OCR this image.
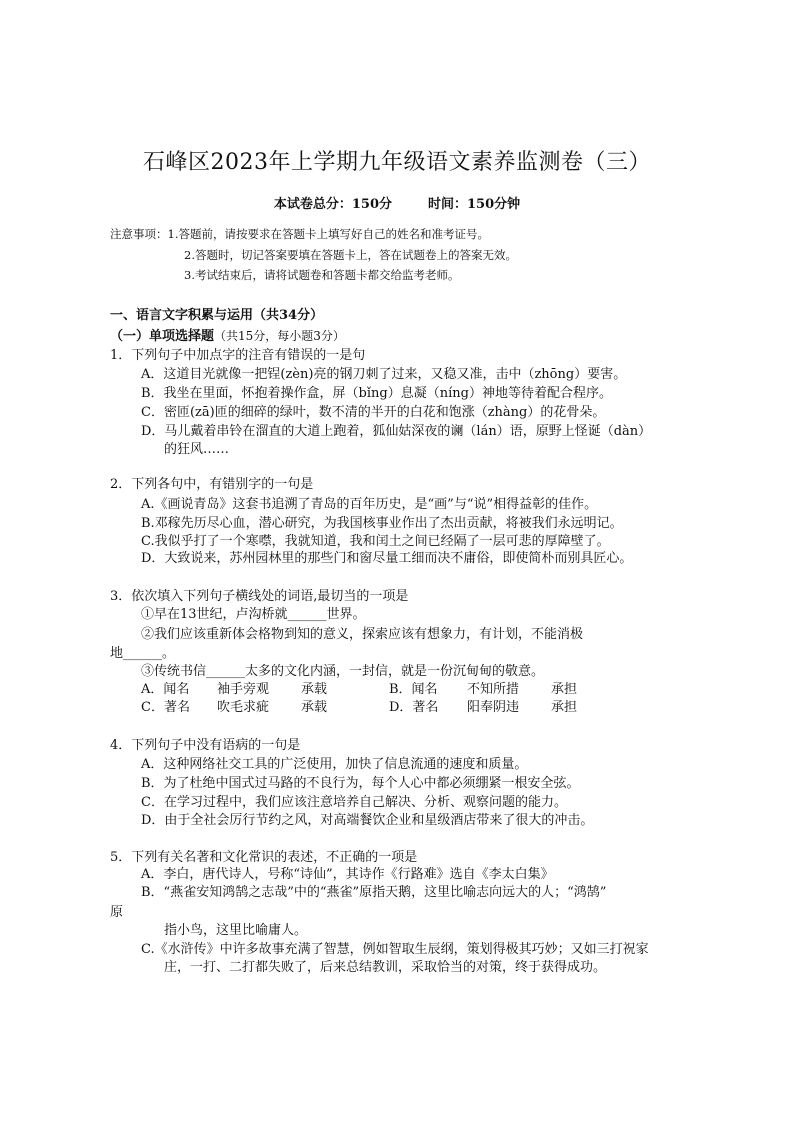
石峰区2023年上学期九年级语文素养监测卷（三）
本试卷总分：150分	时间：150分钟
注意事项：1.答题前，请按要求在答题卡上填写好自己的姓名和准考证号。
2.答题时，切记答案要填在答题卡上，答在试题卷上的答案无效。
3.考试结束后，请将试题卷和答题卡都交给监考老师。
一、语言文字积累与运用（共34分）
（一）单项选择题（共15分，每小题3分）
1．下列句子中加点字的注音有错误的一是句
A．这道目光就像一把锃(zèn)亮的钢刀刺了过来，又稳又准，击中（zhōng）要害。
B．我坐在里面，怀抱着操作盒，屏（bǐng）息凝（níng）神地等待着配合程序。
C．密匝(zā)匝的细碎的绿叶，数不清的半开的白花和饱涨（zhàng）的花骨朵。
D．马儿戴着串铃在溜直的大道上跑着，狐仙姑深夜的谰（lán）语，原野上怪诞（dàn）
的狂风……
2．下列各句中，有错别字的一句是
A.《画说青岛》这套书追溯了青岛的百年历史，是“画”与“说”相得益彰的佳作。
B.邓稼先历尽心血，潜心研究，为我国核事业作出了杰出贡献，将被我们永远明记。
C.我似乎打了一个寒噤，我就知道，我和闰土之间已经隔了一层可悲的厚障壁了。
D．大致说来，苏州园林里的那些门和窗尽量工细而决不庸俗，即使简朴而别具匠心。
3．依次填入下列句子横线处的词语,最切当的一项是
①早在13世纪，卢沟桥就______世界。
②我们应该重新体会格物到知的意义，探索应该有想象力，有计划，不能消极
地______。
③传统书信______太多的文化内涵，一封信，就是一份沉甸甸的敬意。
A．闻名 袖手旁观 承载	B．闻名 不知所措 承担
C．著名 吹毛求疵 承载	D．著名 阳奉阴违 承担
4．下列句子中没有语病的一句是
A．这种网络社交工具的广泛使用，加快了信息流通的速度和质量。
B．为了杜绝中国式过马路的不良行为，每个人心中都必须绷紧一根安全弦。
C．在学习过程中，我们应该注意培养自己解决、分析、观察问题的能力。
D．由于全社会厉行节约之风，对高端餐饮企业和星级酒店带来了很大的冲击。
5．下列有关名著和文化常识的表述，不正确的一项是
A．李白，唐代诗人，号称“诗仙”，其诗作《行路难》选自《李太白集》
B．“燕雀安知鸿鹄之志哉”中的“燕雀”原指天鹅，这里比喻志向远大的人；“鸿鹄”
原
指小鸟，这里比喻庸人。
C.《水浒传》中许多故事充满了智慧，例如智取生辰纲，策划得极其巧妙；又如三打祝家
庄，一打、二打都失败了，后来总结教训，采取恰当的对策，终于获得成功。
